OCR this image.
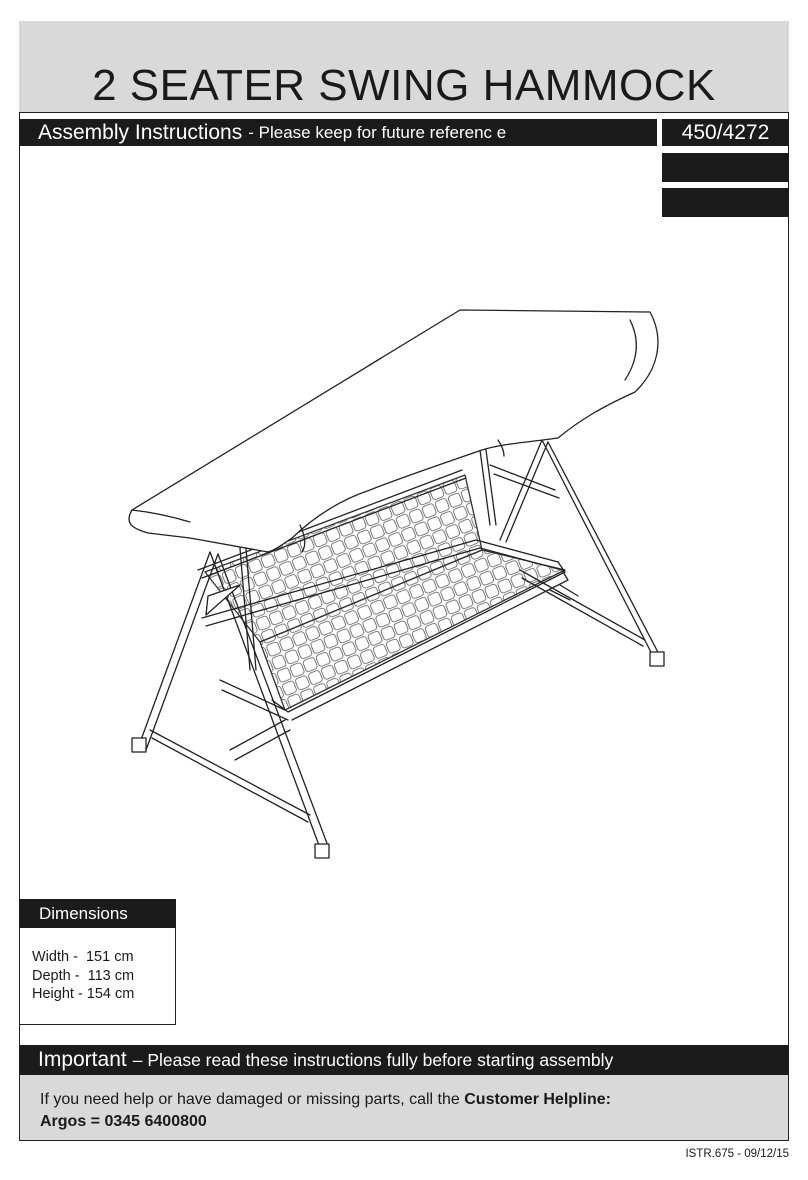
2 SEATER SWING HAMMOCK
Assembly Instructions - Please keep for future referenc e	450/4272
Dimensions
Width -  151 cm
Depth -  113 cm
Height - 154 cm
Important – Please read these instructions fully before starting assembly
If you need help or have damaged or missing parts, call the Customer Helpline:
Argos = 0345 6400800
ISTR.675 - 09/12/15
